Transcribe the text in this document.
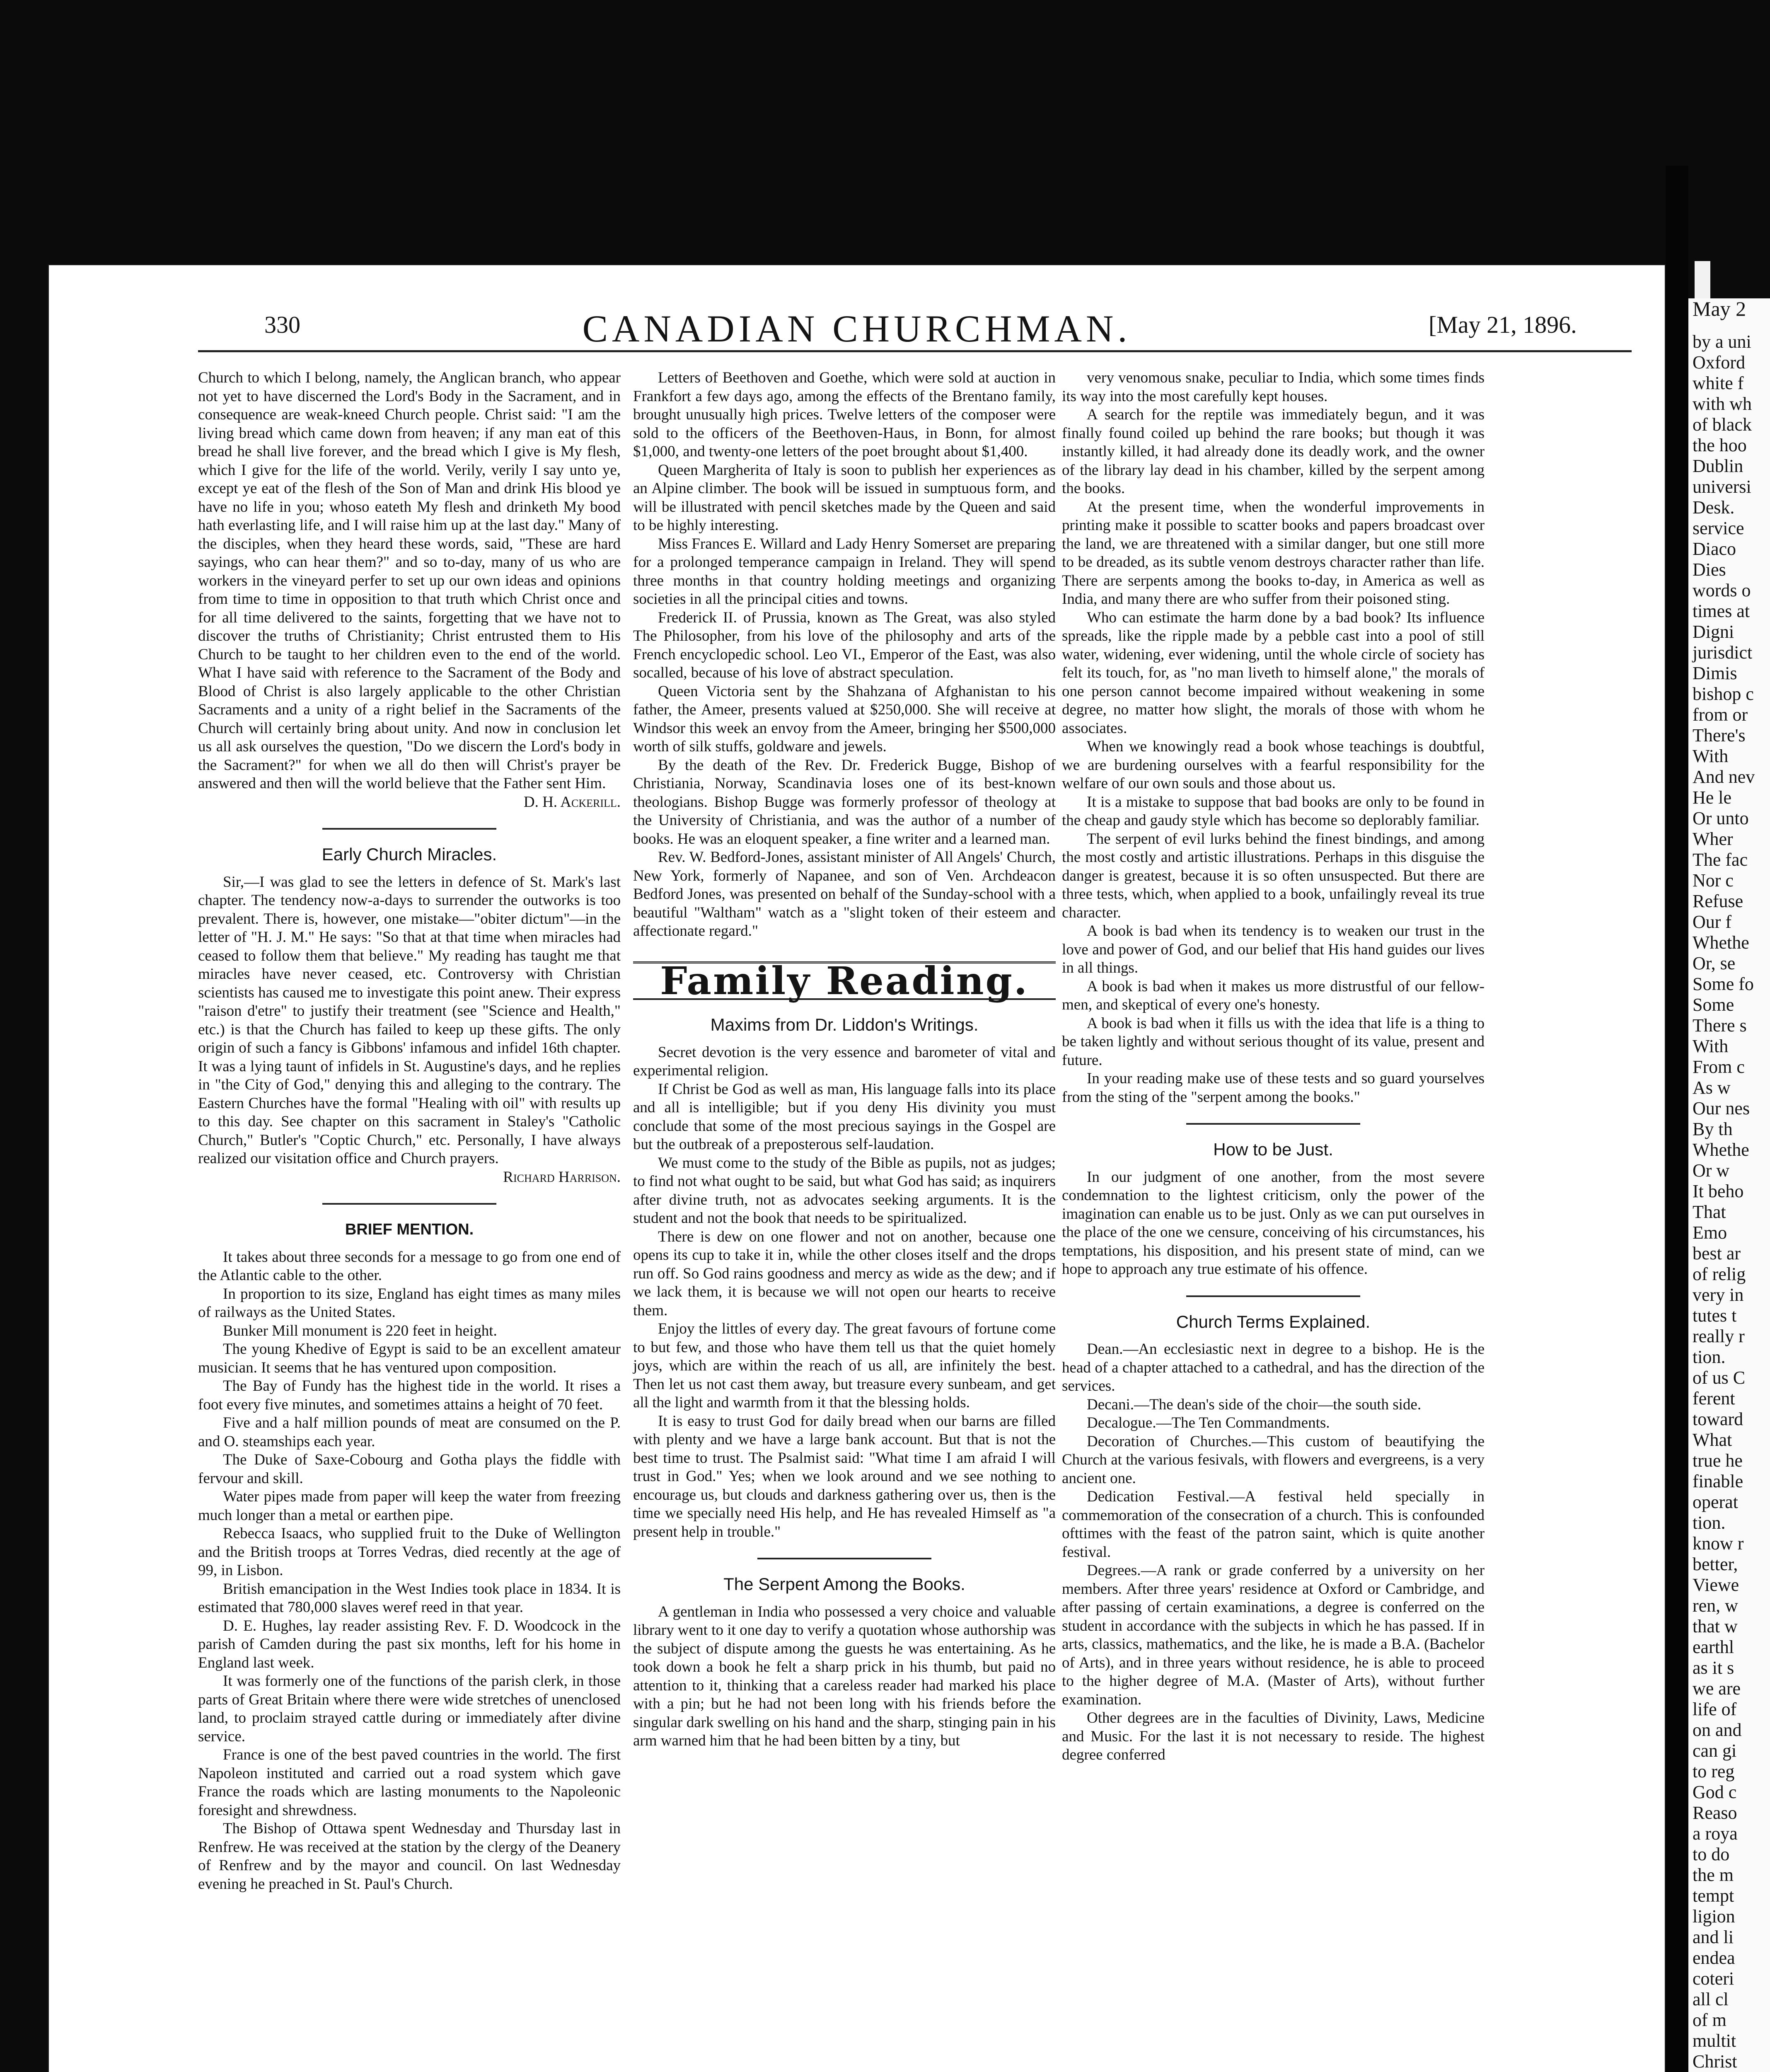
330	CANADIAN CHURCHMAN.	[May 21, 1896.

Church to which I belong, namely, the Anglican branch, who appear not yet to have discerned the Lord's Body in the Sacrament, and in consequence are weak-kneed Church people. Christ said: "I am the living bread which came down from heaven; if any man eat of this bread he shall live forever, and the bread which I give is My flesh, which I give for the life of the world. Verily, verily I say unto ye, except ye eat of the flesh of the Son of Man and drink His blood ye have no life in you; whoso eateth My flesh and drinketh My bood hath everlasting life, and I will raise him up at the last day." Many of the disciples, when they heard these words, said, "These are hard sayings, who can hear them?" and so to-day, many of us who are workers in the vineyard perfer to set up our own ideas and opinions from time to time in opposition to that truth which Christ once and for all time delivered to the saints, forgetting that we have not to discover the truths of Christianity; Christ entrusted them to His Church to be taught to her children even to the end of the world. What I have said with reference to the Sacrament of the Body and Blood of Christ is also largely applicable to the other Christian Sacraments and a unity of a right belief in the Sacraments of the Church will certainly bring about unity. And now in conclusion let us all ask ourselves the question, "Do we discern the Lord's body in the Sacrament?" for when we all do then will Christ's prayer be answered and then will the world believe that the Father sent Him.

D. H. Ackerill.
Early Church Miracles.

Sir,—I was glad to see the letters in defence of St. Mark's last chapter. The tendency now-a-days to surrender the outworks is too prevalent. There is, however, one mistake—"obiter dictum"—in the letter of "H. J. M." He says: "So that at that time when miracles had ceased to follow them that believe." My reading has taught me that miracles have never ceased, etc. Controversy with Christian scientists has caused me to investigate this point anew. Their express "raison d'etre" to justify their treatment (see "Science and Health," etc.) is that the Church has failed to keep up these gifts. The only origin of such a fancy is Gibbons' infamous and infidel 16th chapter. It was a lying taunt of infidels in St. Augustine's days, and he replies in "the City of God," denying this and alleging to the contrary. The Eastern Churches have the formal "Healing with oil" with results up to this day. See chapter on this sacrament in Staley's "Catholic Church," Butler's "Coptic Church," etc. Personally, I have always realized our visitation office and Church prayers.

Richard Harrison.
BRIEF MENTION.

It takes about three seconds for a message to go from one end of the Atlantic cable to the other.

In proportion to its size, England has eight times as many miles of railways as the United States.

Bunker Mill monument is 220 feet in height.

The young Khedive of Egypt is said to be an excellent amateur musician. It seems that he has ventured upon composition.

The Bay of Fundy has the highest tide in the world. It rises a foot every five minutes, and sometimes attains a height of 70 feet.

Five and a half million pounds of meat are consumed on the P. and O. steamships each year.

The Duke of Saxe-Cobourg and Gotha plays the fiddle with fervour and skill.

Water pipes made from paper will keep the water from freezing much longer than a metal or earthen pipe.

Rebecca Isaacs, who supplied fruit to the Duke of Wellington and the British troops at Torres Vedras, died recently at the age of 99, in Lisbon.

British emancipation in the West Indies took place in 1834. It is estimated that 780,000 slaves weref reed in that year.

D. E. Hughes, lay reader assisting Rev. F. D. Woodcock in the parish of Camden during the past six months, left for his home in England last week.

It was formerly one of the functions of the parish clerk, in those parts of Great Britain where there were wide stretches of unenclosed land, to proclaim strayed cattle during or immediately after divine service.

France is one of the best paved countries in the world. The first Napoleon instituted and carried out a road system which gave France the roads which are lasting monuments to the Napoleonic foresight and shrewdness.

The Bishop of Ottawa spent Wednesday and Thursday last in Renfrew. He was received at the station by the clergy of the Deanery of Renfrew and by the mayor and council. On last Wednesday evening he preached in St. Paul's Church.

Letters of Beethoven and Goethe, which were sold at auction in Frankfort a few days ago, among the effects of the Brentano family, brought unusually high prices. Twelve letters of the composer were sold to the officers of the Beethoven-Haus, in Bonn, for almost $1,000, and twenty-one letters of the poet brought about $1,400.

Queen Margherita of Italy is soon to publish her experiences as an Alpine climber. The book will be issued in sumptuous form, and will be illustrated with pencil sketches made by the Queen and said to be highly interesting.

Miss Frances E. Willard and Lady Henry Somerset are preparing for a prolonged temperance campaign in Ireland. They will spend three months in that country holding meetings and organizing societies in all the principal cities and towns.

Frederick II. of Prussia, known as The Great, was also styled The Philosopher, from his love of the philosophy and arts of the French encyclopedic school. Leo VI., Emperor of the East, was also socalled, because of his love of abstract speculation.

Queen Victoria sent by the Shahzana of Afghanistan to his father, the Ameer, presents valued at $250,000. She will receive at Windsor this week an envoy from the Ameer, bringing her $500,000 worth of silk stuffs, goldware and jewels.

By the death of the Rev. Dr. Frederick Bugge, Bishop of Christiania, Norway, Scandinavia loses one of its best-known theologians. Bishop Bugge was formerly professor of theology at the University of Christiania, and was the author of a number of books. He was an eloquent speaker, a fine writer and a learned man.

Rev. W. Bedford-Jones, assistant minister of All Angels' Church, New York, formerly of Napanee, and son of Ven. Archdeacon Bedford Jones, was presented on behalf of the Sunday-school with a beautiful "Waltham" watch as a "slight token of their esteem and affectionate regard."

Family Reading.
Maxims from Dr. Liddon's Writings.

Secret devotion is the very essence and barometer of vital and experimental religion.

If Christ be God as well as man, His language falls into its place and all is intelligible; but if you deny His divinity you must conclude that some of the most precious sayings in the Gospel are but the outbreak of a preposterous self-laudation.

We must come to the study of the Bible as pupils, not as judges; to find not what ought to be said, but what God has said; as inquirers after divine truth, not as advocates seeking arguments. It is the student and not the book that needs to be spiritualized.

There is dew on one flower and not on another, because one opens its cup to take it in, while the other closes itself and the drops run off. So God rains goodness and mercy as wide as the dew; and if we lack them, it is because we will not open our hearts to receive them.

Enjoy the littles of every day. The great favours of fortune come to but few, and those who have them tell us that the quiet homely joys, which are within the reach of us all, are infinitely the best. Then let us not cast them away, but treasure every sunbeam, and get all the light and warmth from it that the blessing holds.

It is easy to trust God for daily bread when our barns are filled with plenty and we have a large bank account. But that is not the best time to trust. The Psalmist said: "What time I am afraid I will trust in God." Yes; when we look around and we see nothing to encourage us, but clouds and darkness gathering over us, then is the time we specially need His help, and He has revealed Himself as "a present help in trouble."

The Serpent Among the Books.

A gentleman in India who possessed a very choice and valuable library went to it one day to verify a quotation whose authorship was the subject of dispute among the guests he was entertaining. As he took down a book he felt a sharp prick in his thumb, but paid no attention to it, thinking that a careless reader had marked his place with a pin; but he had not been long with his friends before the singular dark swelling on his hand and the sharp, stinging pain in his arm warned him that he had been bitten by a tiny, but

very venomous snake, peculiar to India, which some times finds its way into the most carefully kept houses.

A search for the reptile was immediately begun, and it was finally found coiled up behind the rare books; but though it was instantly killed, it had already done its deadly work, and the owner of the library lay dead in his chamber, killed by the serpent among the books.

At the present time, when the wonderful improvements in printing make it possible to scatter books and papers broadcast over the land, we are threatened with a similar danger, but one still more to be dreaded, as its subtle venom destroys character rather than life. There are serpents among the books to-day, in America as well as India, and many there are who suffer from their poisoned sting.

Who can estimate the harm done by a bad book? Its influence spreads, like the ripple made by a pebble cast into a pool of still water, widening, ever widening, until the whole circle of society has felt its touch, for, as "no man liveth to himself alone," the morals of one person cannot become impaired without weakening in some degree, no matter how slight, the morals of those with whom he associates.

When we knowingly read a book whose teachings is doubtful, we are burdening ourselves with a fearful responsibility for the welfare of our own souls and those about us.

It is a mistake to suppose that bad books are only to be found in the cheap and gaudy style which has become so deplorably familiar.

The serpent of evil lurks behind the finest bindings, and among the most costly and artistic illustrations. Perhaps in this disguise the danger is greatest, because it is so often unsuspected. But there are three tests, which, when applied to a book, unfailingly reveal its true character.

A book is bad when its tendency is to weaken our trust in the love and power of God, and our belief that His hand guides our lives in all things.

A book is bad when it makes us more distrustful of our fellow-men, and skeptical of every one's honesty.

A book is bad when it fills us with the idea that life is a thing to be taken lightly and without serious thought of its value, present and future.

In your reading make use of these tests and so guard yourselves from the sting of the "serpent among the books."

How to be Just.

In our judgment of one another, from the most severe condemnation to the lightest criticism, only the power of the imagination can enable us to be just. Only as we can put ourselves in the place of the one we censure, conceiving of his circumstances, his temptations, his disposition, and his present state of mind, can we hope to approach any true estimate of his offence.

Church Terms Explained.

Dean.—An ecclesiastic next in degree to a bishop. He is the head of a chapter attached to a cathedral, and has the direction of the services.

Decani.—The dean's side of the choir—the south side.

Decalogue.—The Ten Commandments.

Decoration of Churches.—This custom of beautifying the Church at the various fesivals, with flowers and evergreens, is a very ancient one.

Dedication Festival.—A festival held specially in commemoration of the consecration of a church. This is confounded ofttimes with the feast of the patron saint, which is quite another festival.

Degrees.—A rank or grade conferred by a university on her members. After three years' residence at Oxford or Cambridge, and after passing of certain examinations, a degree is conferred on the student in accordance with the subjects in which he has passed. If in arts, classics, mathematics, and the like, he is made a B.A. (Bachelor of Arts), and in three years without residence, he is able to proceed to the higher degree of M.A. (Master of Arts), without further examination.

Other degrees are in the faculties of Divinity, Laws, Medicine and Music. For the last it is not necessary to reside. The highest degree conferred

May 2
by a uni
Oxford
white f
with wh
of black
the hoo
Dublin
universi
Desk.
service
Diaco
Dies
words o
times at
Digni
jurisdict
Dimis
bishop c
from or
There's
With
And nev
He le
Or unto
Wher
The fac
Nor c
Refuse
Our f
Whethe
Or, se
Some fo
Some
There s
With
From c
As w
Our nes
By th
Whethe
Or w
It beho
That
Emo
best ar
of relig
very in
tutes t
really r
tion.
of us C
ferent
toward
What
true he
finable
operat
tion.
know r
better,
Viewe
ren, w
that w
earthl
as it s
we are
life of
on and
can gi
to reg
God c
Reaso
a roya
to do
the m
tempt
ligion
and li
endea
coteri
all cl
of m
multit
Christ
